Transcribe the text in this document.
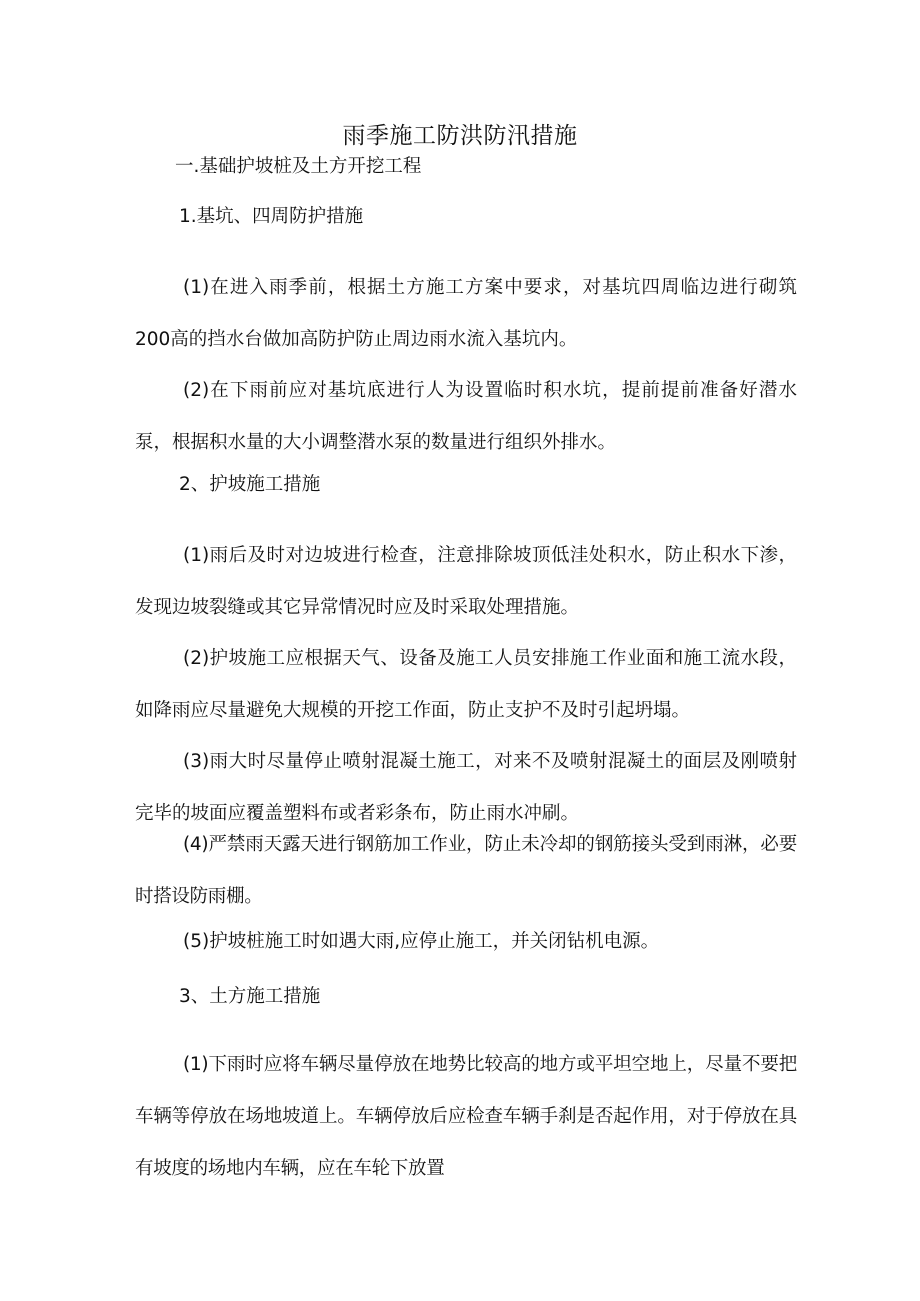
雨季施工防洪防汛措施
一.基础护坡桩及土方开挖工程
1.基坑、四周防护措施
(1)在进入雨季前，根据土方施工方案中要求，对基坑四周临边进行砌筑200高的挡水台做加高防护防止周边雨水流入基坑内。
(2)在下雨前应对基坑底进行人为设置临时积水坑，提前提前准备好潜水泵，根据积水量的大小调整潜水泵的数量进行组织外排水。
2、护坡施工措施
(1)雨后及时对边坡进行检查，注意排除坡顶低洼处积水，防止积水下渗，发现边坡裂缝或其它异常情况时应及时采取处理措施。
(2)护坡施工应根据天气、设备及施工人员安排施工作业面和施工流水段，如降雨应尽量避免大规模的开挖工作面，防止支护不及时引起坍塌。
(3)雨大时尽量停止喷射混凝土施工，对来不及喷射混凝土的面层及刚喷射完毕的坡面应覆盖塑料布或者彩条布，防止雨水冲刷。
(4)严禁雨天露天进行钢筋加工作业，防止未冷却的钢筋接头受到雨淋，必要时搭设防雨棚。
(5)护坡桩施工时如遇大雨,应停止施工，并关闭钻机电源。
3、土方施工措施
(1)下雨时应将车辆尽量停放在地势比较高的地方或平坦空地上，尽量不要把车辆等停放在场地坡道上。车辆停放后应检查车辆手刹是否起作用，对于停放在具有坡度的场地内车辆，应在车轮下放置
